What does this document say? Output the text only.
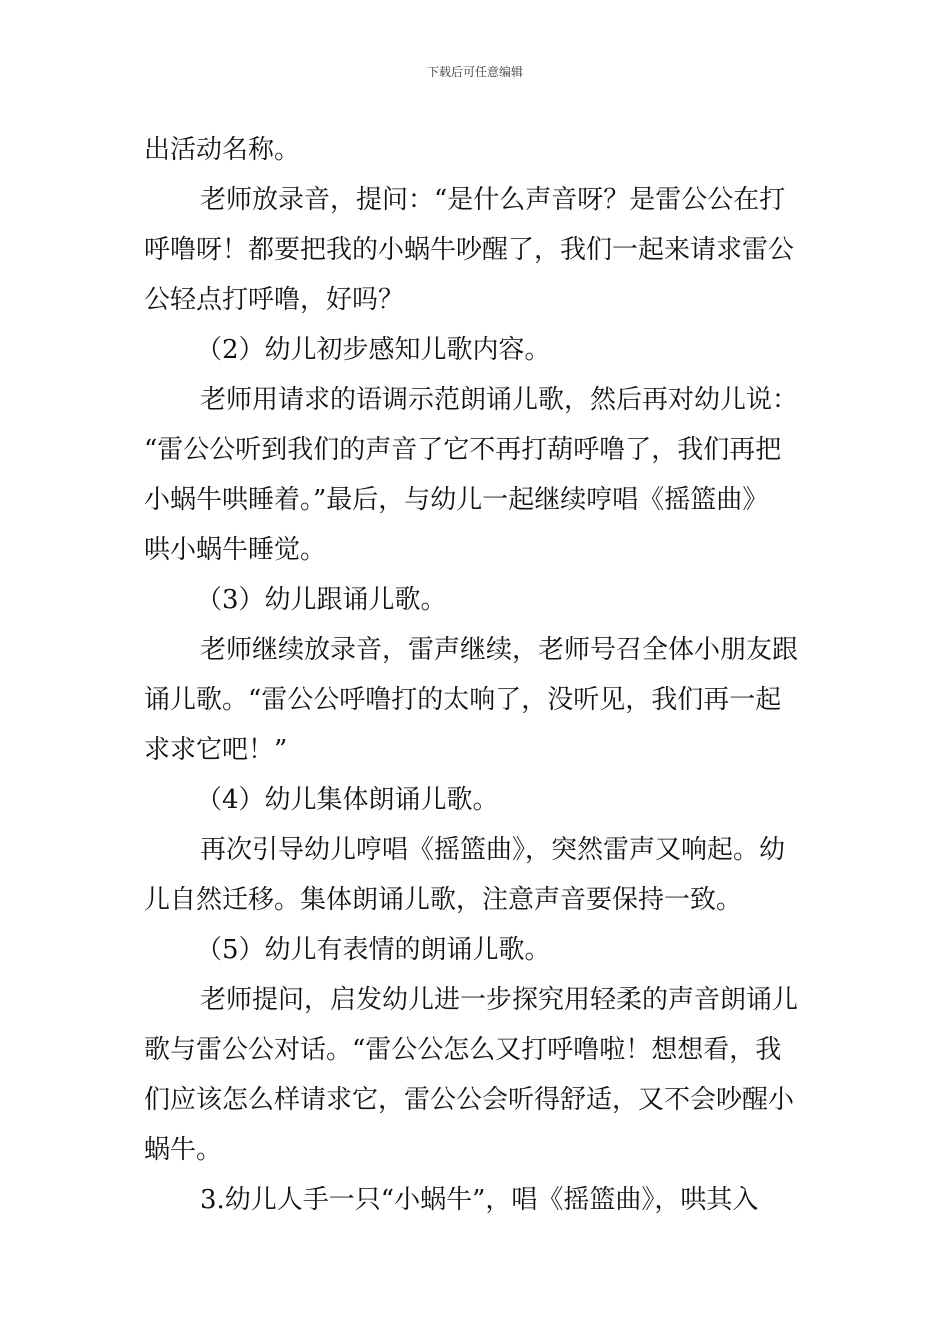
下载后可任意编辑
出活动名称。
老师放录音，提问：“是什么声音呀？是雷公公在打
呼噜呀！都要把我的小蜗牛吵醒了，我们一起来请求雷公
公轻点打呼噜，好吗？
（2）幼儿初步感知儿歌内容。
老师用请求的语调示范朗诵儿歌，然后再对幼儿说：
“雷公公听到我们的声音了它不再打葫呼噜了，我们再把
小蜗牛哄睡着。”最后，与幼儿一起继续哼唱《摇篮曲》
哄小蜗牛睡觉。
（3）幼儿跟诵儿歌。
老师继续放录音，雷声继续，老师号召全体小朋友跟
诵儿歌。“雷公公呼噜打的太响了，没听见，我们再一起
求求它吧！”
（4）幼儿集体朗诵儿歌。
再次引导幼儿哼唱《摇篮曲》，突然雷声又响起。幼
儿自然迁移。集体朗诵儿歌，注意声音要保持一致。
（5）幼儿有表情的朗诵儿歌。
老师提问，启发幼儿进一步探究用轻柔的声音朗诵儿
歌与雷公公对话。“雷公公怎么又打呼噜啦！想想看，我
们应该怎么样请求它，雷公公会听得舒适，又不会吵醒小
蜗牛。
3.幼儿人手一只“小蜗牛”，唱《摇篮曲》，哄其入
